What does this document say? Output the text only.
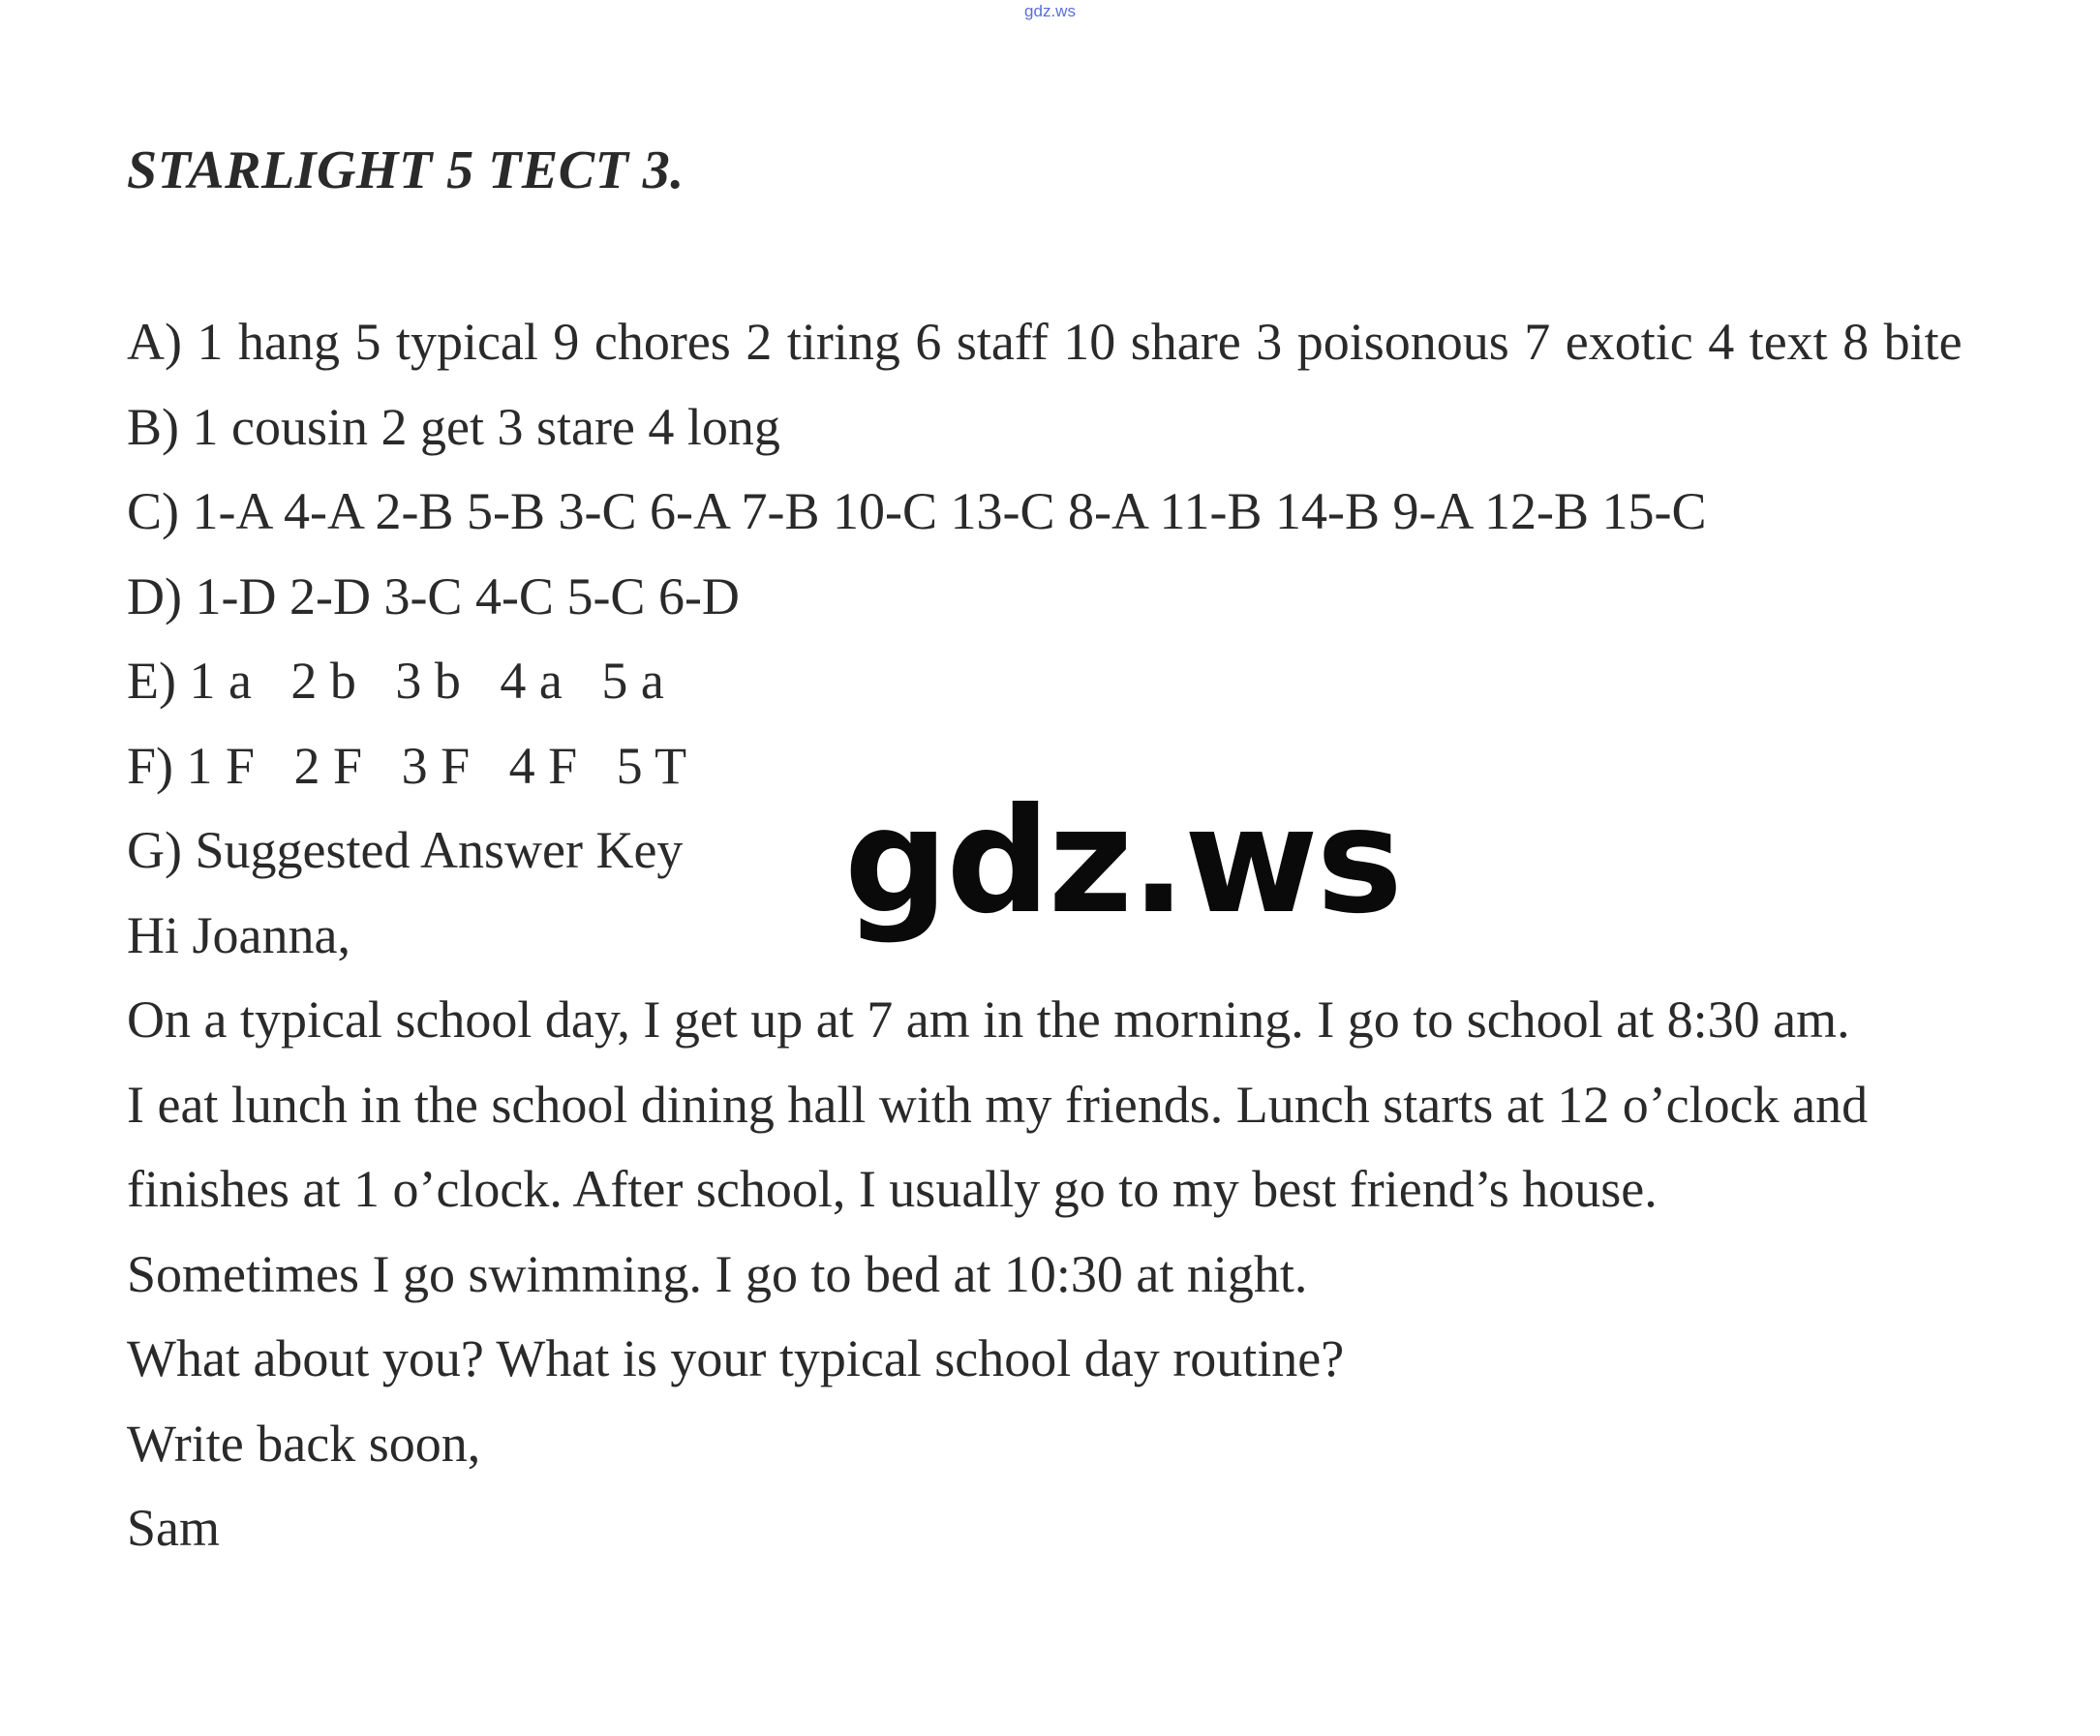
gdz.ws
STARLIGHT 5 TECT 3.

A) 1 hang 5 typical 9 chores 2 tiring 6 staff 10 share 3 poisonous 7 exotic 4 text 8 bite

B) 1 cousin 2 get 3 stare 4 long

C) 1-A 4-A 2-B 5-B 3-C 6-A 7-B 10-C 13-C 8-A 11-B 14-B 9-A 12-B 15-C

D) 1-D 2-D 3-C 4-C 5-C 6-D

E) 1 a   2 b   3 b   4 a   5 a

F) 1 F   2 F   3 F   4 F   5 T

G) Suggested Answer Key

Hi Joanna,

On a typical school day, I get up at 7 am in the morning. I go to school at 8:30 am.

I eat lunch in the school dining hall with my friends. Lunch starts at 12 o’clock and

finishes at 1 o’clock. After school, I usually go to my best friend’s house.

Sometimes I go swimming. I go to bed at 10:30 at night.

What about you? What is your typical school day routine?

Write back soon,

Sam

gdz.ws
